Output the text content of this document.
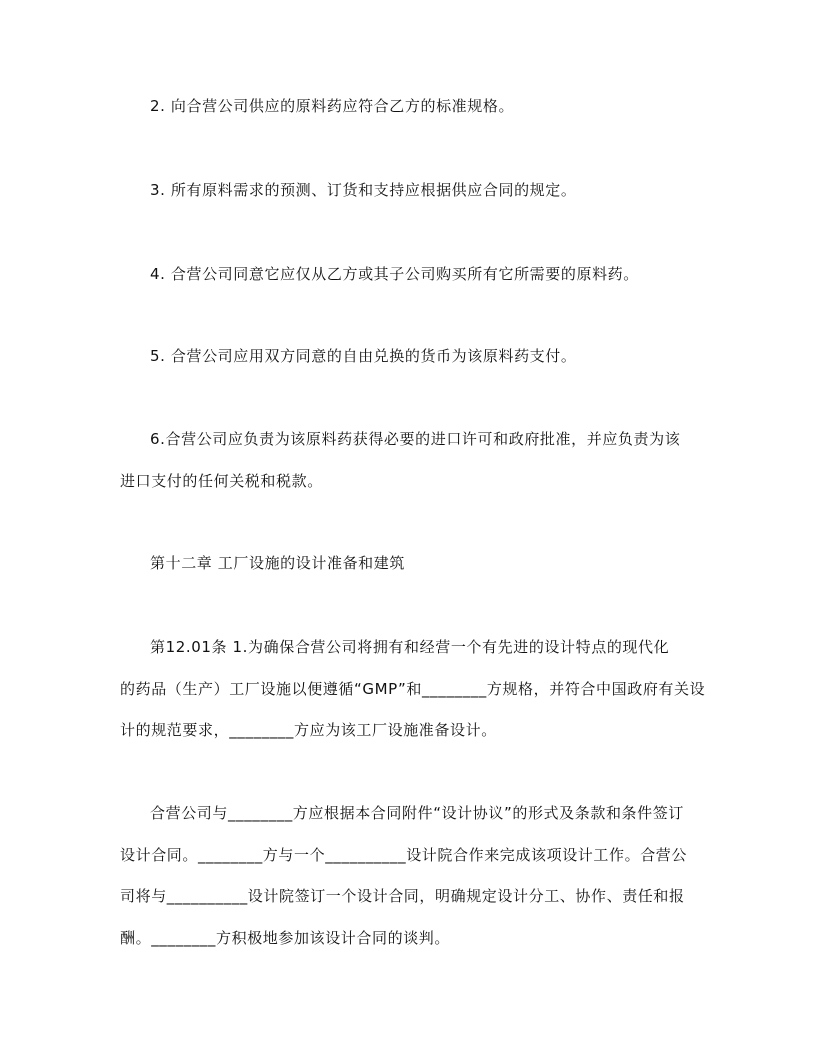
2. 向合营公司供应的原料药应符合乙方的标准规格。
3. 所有原料需求的预测、订货和支持应根据供应合同的规定。
4. 合营公司同意它应仅从乙方或其子公司购买所有它所需要的原料药。
5. 合营公司应用双方同意的自由兑换的货币为该原料药支付。
6.合营公司应负责为该原料药获得必要的进口许可和政府批准，并应负责为该
进口支付的任何关税和税款。
第十二章 工厂设施的设计准备和建筑
第12.01条 1.为确保合营公司将拥有和经营一个有先进的设计特点的现代化
的药品（生产）工厂设施以便遵循“GMP”和________方规格，并符合中国政府有关设
计的规范要求，________方应为该工厂设施准备设计。
合营公司与________方应根据本合同附件“设计协议”的形式及条款和条件签订
设计合同。________方与一个__________设计院合作来完成该项设计工作。合营公
司将与__________设计院签订一个设计合同，明确规定设计分工、协作、责任和报
酬。________方积极地参加该设计合同的谈判。
